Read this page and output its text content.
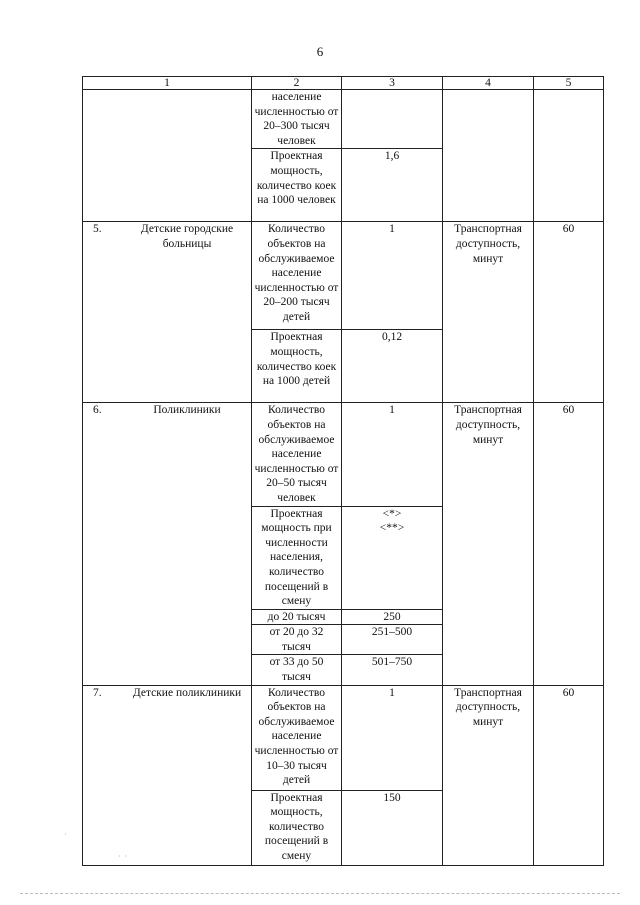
6
1	2	3	4	5
	население численностью от 20–300 тысяч человек			
	Проектная мощность, количество коек на 1000 человек	1,6		

5. Детские городские больницы	Количество объектов на обслуживаемое население численностью от 20–200 тысяч детей	1	Транспортная доступность, минут	60
	Проектная мощность, количество коек на 1000 детей	0,12		

6. Поликлиники	Количество объектов на обслуживаемое население численностью от 20–50 тысяч человек	1	Транспортная доступность, минут	60
	Проектная мощность при численности населения, количество посещений в смену	<*>
<**>		

	до 20 тысяч	250		
	от 20 до 32 тысяч	251–500		
	от 33 до 50 тысяч	501–750		

7. Детские поликлиники	Количество объектов на обслуживаемое население численностью от 10–30 тысяч детей	1	Транспортная доступность, минут	60
	Проектная мощность, количество посещений в смену	150		
·  ·
·
